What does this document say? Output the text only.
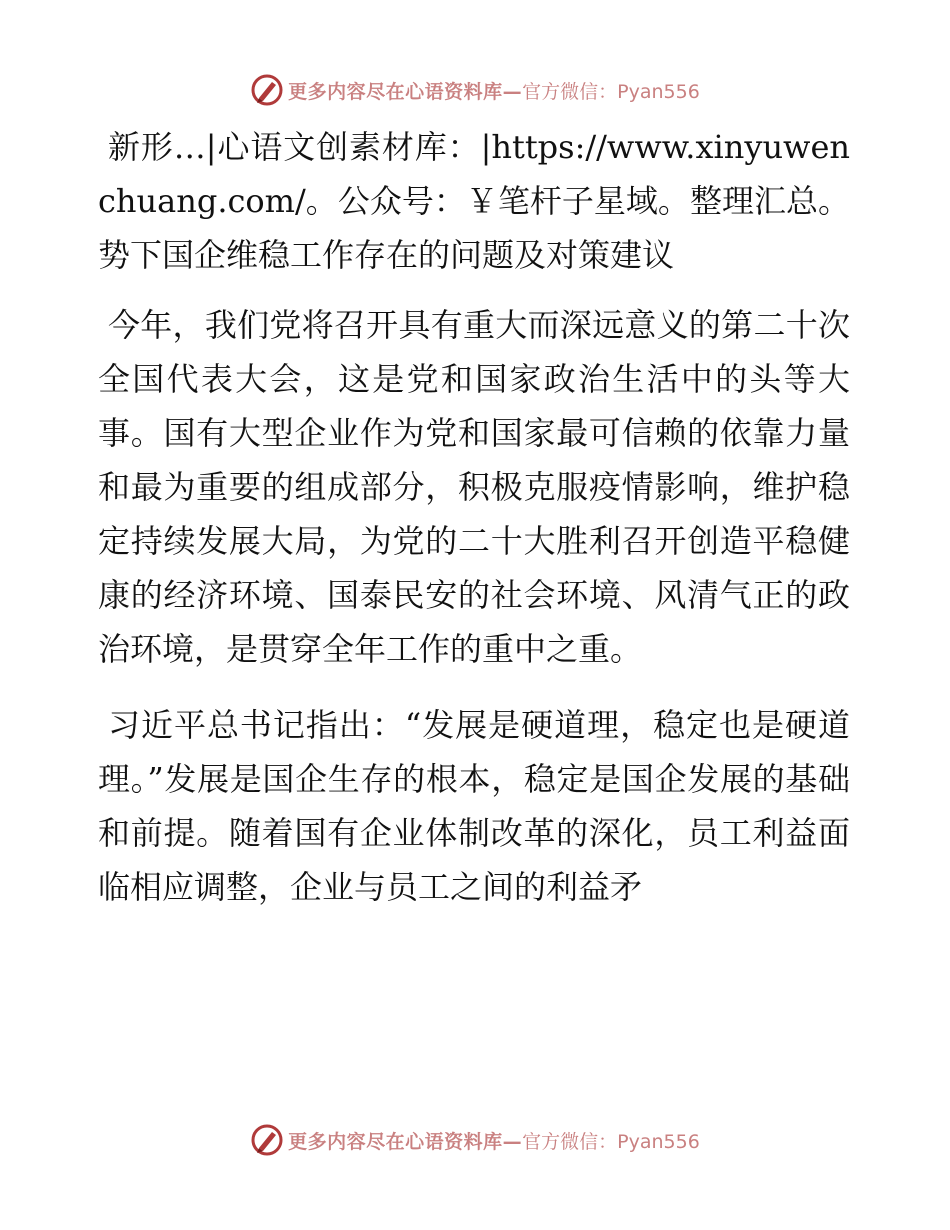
更多内容尽在心语资料库— 官方微信：Pyan556

新形…|心语文创素材库：|https://www.xinyuwenchuang.com/。公众号：￥笔杆子星域。整理汇总。势下国企维稳工作存在的问题及对策建议

今年，我们党将召开具有重大而深远意义的第二十次全国代表大会，这是党和国家政治生活中的头等大事。国有大型企业作为党和国家最可信赖的依靠力量和最为重要的组成部分，积极克服疫情影响，维护稳定持续发展大局，为党的二十大胜利召开创造平稳健康的经济环境、国泰民安的社会环境、风清气正的政治环境，是贯穿全年工作的重中之重。

习近平总书记指出：“发展是硬道理，稳定也是硬道理。”发展是国企生存的根本，稳定是国企发展的基础和前提。随着国有企业体制改革的深化，员工利益面临相应调整，企业与员工之间的利益矛

更多内容尽在心语资料库— 官方微信：Pyan556
